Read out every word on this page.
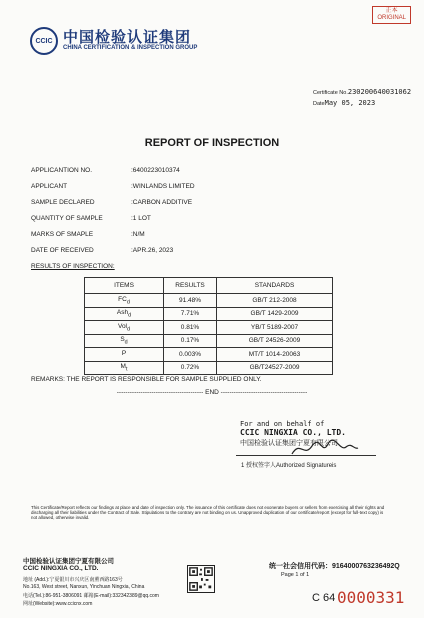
CCIC 中国检验认证集团
CHINA CERTIFICATION & INSPECTION GROUP
正本
ORIGINAL
Certificate No.230200640031062
DateMay 05, 2023
REPORT OF INSPECTION
APPLICANTION NO.	:6400223010374
APPLICANT	:WINLANDS LIMITED
SAMPLE DECLARED	:CARBON ADDITIVE
QUANTITY OF SAMPLE	:1 LOT
MARKS OF SMAPLE	:N/M
DATE OF RECEIVED	:APR.26, 2023
RESULTS OF INSPECTION:
ITEMS	RESULTS	STANDARDS
$FC_d$	91.48%	GB/T 212-2008
Ash$_d$	7.71%	GB/T 1429-2009
Vol$_d$	0.81%	YB/T 5189-2007
$S_d$	0.17%	GB/T 24526-2009
P	0.003%	MT/T 1014-20063
$M_t$	0.72%	GB/T24527-2009
REMARKS: THE REPORT IS RESPONSIBLE FOR SAMPLE SUPPLIED ONLY.
---------------------------------------- END ----------------------------------------
For and on behalf of
CCIC NINGXIA CO., LTD.
中国检验认证集团宁夏有限公司
1 授权签字人Authorized Signatureis
This Certificate/Report reflects our findings at place and date of inspection only. The issuance of this certificate does not exonerate buyers or sellers from exercising all their rights and discharging all their liabilities under the Contract of Sale. Stipulations to the contrary are not binding on us. Unapproved duplication of our certificate/report (except for full-text copy) is not allowed, otherwise invalid.
中国检验认证集团宁夏有限公司
CCIC NINGXIA CO., LTD.
地址 (Add.):宁夏银川市兴庆区南薰西路163号
No.163, West street, Nanxun, Yinchuan Ningxia, China
电话(Tel.):86-951-3806091 邮箱(E-mail):332342389@qq.com
网址(Website):www.ccicnx.com
统一社会信用代码：9164000763236492Q
Page 1 of 1
C 64 0000331
